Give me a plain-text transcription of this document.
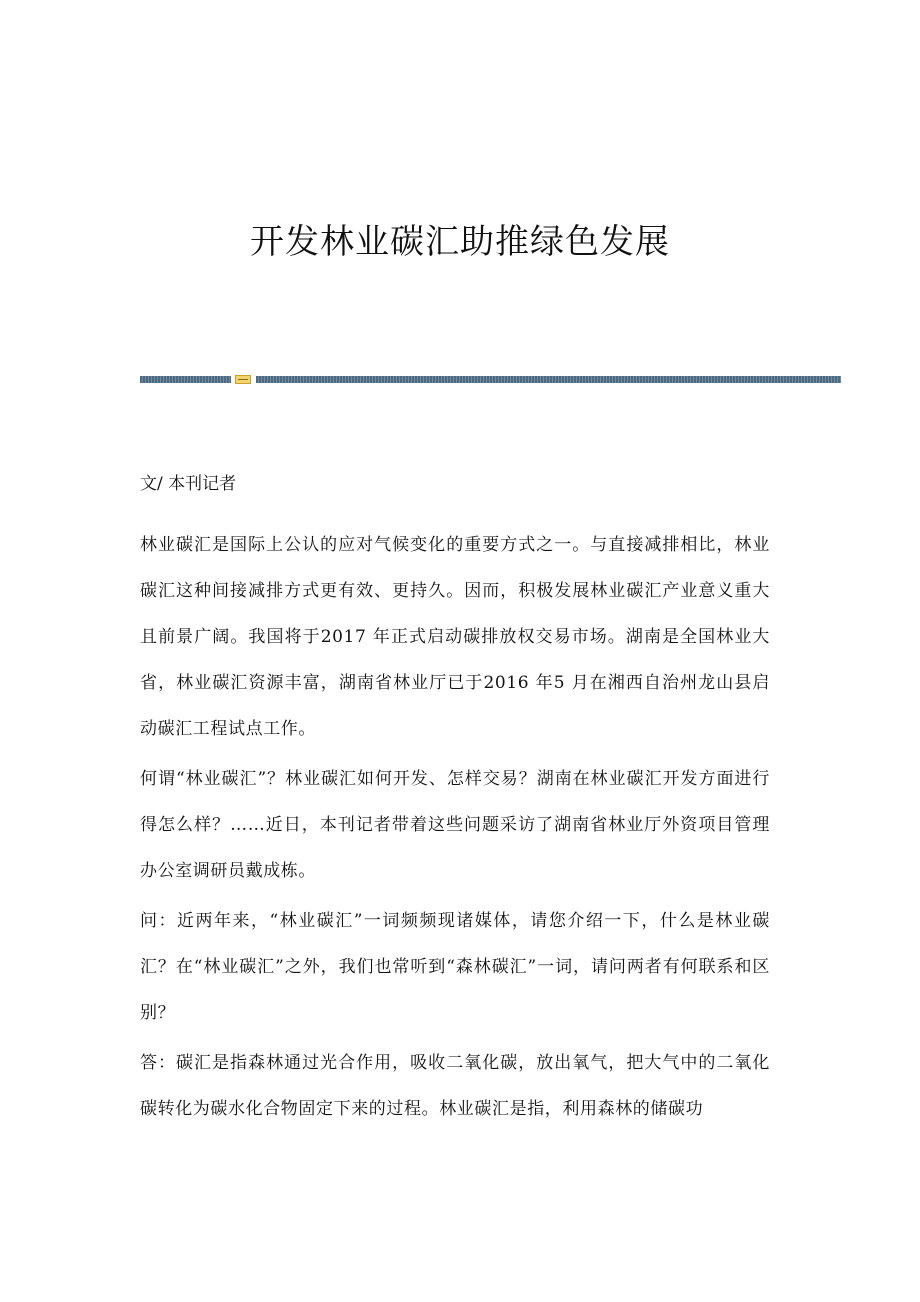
开发林业碳汇助推绿色发展

文/ 本刊记者

林业碳汇是国际上公认的应对气候变化的重要方式之一。与直接减排相比，林业碳汇这种间接减排方式更有效、更持久。因而，积极发展林业碳汇产业意义重大且前景广阔。我国将于2017 年正式启动碳排放权交易市场。湖南是全国林业大省，林业碳汇资源丰富，湖南省林业厅已于2016 年5 月在湘西自治州龙山县启动碳汇工程试点工作。

何谓“林业碳汇”？林业碳汇如何开发、怎样交易？湖南在林业碳汇开发方面进行得怎么样？……近日，本刊记者带着这些问题采访了湖南省林业厅外资项目管理办公室调研员戴成栋。

问：近两年来，“林业碳汇”一词频频现诸媒体，请您介绍一下，什么是林业碳汇？在“林业碳汇”之外，我们也常听到“森林碳汇”一词，请问两者有何联系和区别？

答：碳汇是指森林通过光合作用，吸收二氧化碳，放出氧气，把大气中的二氧化碳转化为碳水化合物固定下来的过程。林业碳汇是指，利用森林的储碳功
